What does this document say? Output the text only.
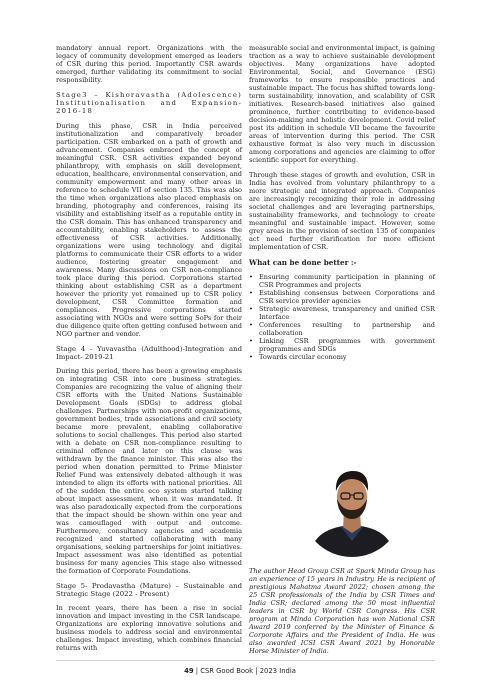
mandatory annual report. Organizations with the legacy of community development emerged as leaders of CSR during this period. Importantly CSR awards emerged, further validating its commitment to social responsibility.

Stage3 – Kishoravastha (Adolescence) Institutionalisation and Expansion- 2016-18

During this phase, CSR in India perceived institutionalization and comparatively broader participation. CSR embarked on a path of growth and advancement. Companies embraced the concept of meaningful CSR. CSR activities expanded beyond philanthropy, with emphasis on skill development, education, healthcare, environmental conservation, and community empowerment and many other areas in reference to schedule VII of section 135. This was also the time when organizations also placed emphasis on branding, photography and conferences, raising its visibility and establishing itself as a reputable entity in the CSR domain. This has enhanced transparency and accountability, enabling stakeholders to assess the effectiveness of CSR activities. Additionally, organizations were using technology and digital platforms to communicate their CSR efforts to a wider audience, fostering greater engagement and awareness. Many discussions on CSR non-compliance took place during this period. Corporations started thinking about establishing CSR as a department however the priority yet remained up to CSR policy development, CSR Committee formation and compliances. Progressive corporations started associating with NGOs and were setting SoPs for their due diligence quite often getting confused between and NGO partner and vendor.

Stage 4 - Yuvavastha (Adulthood)-Integration and Impact- 2019-21

During this period, there has been a growing emphasis on integrating CSR into core business strategies. Companies are recognizing the value of aligning their CSR efforts with the United Nations Sustainable Development Goals (SDGs) to address global challenges. Partnerships with non-profit organizations, government bodies, trade associations and civil society became more prevalent, enabling collaborative solutions to social challenges. This period also started with a debate on CSR non-compliance resulting to criminal offence and later on this clause was withdrawn by the finance minister. This was also the period when donation permitted to Prime Minister Relief Fund was extensively debated although it was intended to align its efforts with national priorities. All of the sudden the entire eco system started talking about impact assessment, when it was mandated. It was also paradoxically expected from the corporations that the impact should be shown within one year and was camouflaged with output and outcome. Furthermore, consultancy agencies and academia recognized and started collaborating with many organisations, seeking partnerships for joint initiatives. Impact assessment was also identified as potential business for many agencies This stage also witnessed the formation of Corporate Foundations.

Stage 5- Prodavastha (Mature) – Sustainable and Strategic Stage (2022 - Present)

In recent years, there has been a rise in social innovation and impact investing in the CSR landscape. Organizations are exploring innovative solutions and business models to address social and environmental challenges. Impact investing, which combines financial returns with

measurable social and environmental impact, is gaining traction as a way to achieve sustainable development objectives. Many organizations have adopted Environmental, Social, and Governance (ESG) frameworks to ensure responsible practices and sustainable impact. The focus has shifted towards long-term sustainability, innovation, and scalability of CSR initiatives. Research-based initiatives also gained prominence, further contributing to evidence-based decision-making and holistic development. Covid relief post its addition in schedule VII became the favourite areas of intervention during this period. The CSR exhaustive format is also very much in discussion among corporations and agencies are claiming to offer scientific support for everything.

Through these stages of growth and evolution, CSR in India has evolved from voluntary philanthropy to a more strategic and integrated approach. Companies are increasingly recognizing their role in addressing societal challenges and are leveraging partnerships, sustainability frameworks, and technology to create meaningful and sustainable impact. However, some grey areas in the provision of section 135 of companies act need further clarification for more efficient implementation of CSR.

What can be done better :-
• Ensuring community participation in planning of CSR Programmes and projects
• Establishing consensus between Corporations and CSR service provider agencies
• Strategic awareness, transparency and unified CSR Interface
• Conferences resulting to partnership and collaboration
• Linking CSR programmes with government programmes and SDGs
• Towards circular economy
The author Head Group CSR at Spark Minda Group has an experience of 15 years in Industry. He is recipient of prestigious Mahatma Award 2022; chosen among the 25 CSR professionals of the India by CSR Times and India CSR; declared among the 50 most influential leaders in CSR by World CSR Congress. His CSR program at Minda Corporation has won National CSR Award 2019 conferred by the Minister of Finance & Corporate Affairs and the President of India. He was also awarded ICSI CSR Award 2021 by Honorable Horse Minister of India.
49 | CSR Good Book | 2023 India
